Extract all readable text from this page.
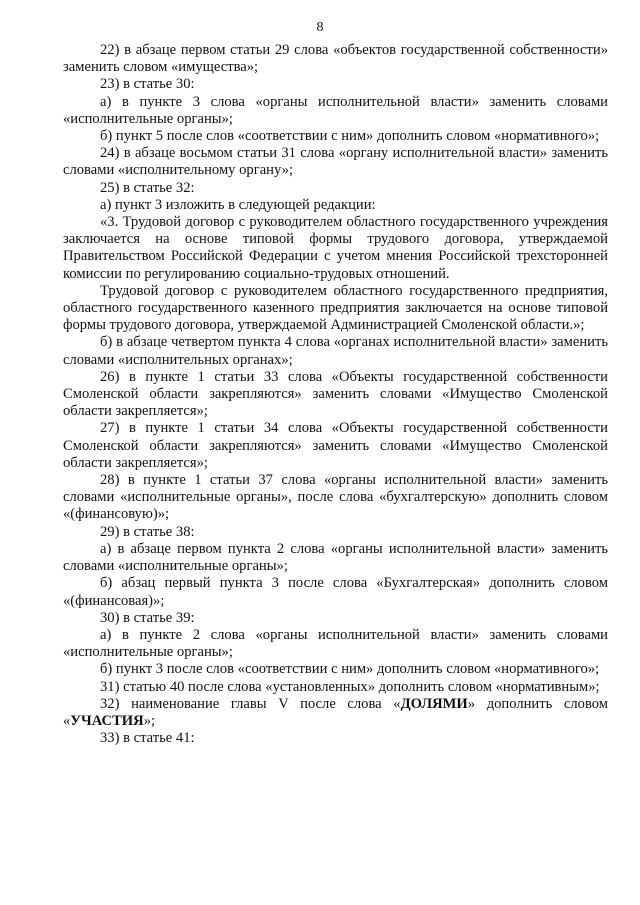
8

22) в абзаце первом статьи 29 слова «объектов государственной собственности» заменить словом «имущества»;

23) в статье 30:

а) в пункте 3 слова «органы исполнительной власти» заменить словами «исполнительные органы»;

б) пункт 5 после слов «соответствии с ним» дополнить словом «нормативного»;

24) в абзаце восьмом статьи 31 слова «органу исполнительной власти» заменить словами «исполнительному органу»;

25) в статье 32:

а) пункт 3 изложить в следующей редакции:

«3. Трудовой договор с руководителем областного государственного учреждения заключается на основе типовой формы трудового договора, утверждаемой Правительством Российской Федерации с учетом мнения Российской трехсторонней комиссии по регулированию социально-трудовых отношений.

Трудовой договор с руководителем областного государственного предприятия, областного государственного казенного предприятия заключается на основе типовой формы трудового договора, утверждаемой Администрацией Смоленской области.»;

б) в абзаце четвертом пункта 4 слова «органах исполнительной власти» заменить словами «исполнительных органах»;

26) в пункте 1 статьи 33 слова «Объекты государственной собственности Смоленской области закрепляются» заменить словами «Имущество Смоленской области закрепляется»;

27) в пункте 1 статьи 34 слова «Объекты государственной собственности Смоленской области закрепляются» заменить словами «Имущество Смоленской области закрепляется»;

28) в пункте 1 статьи 37 слова «органы исполнительной власти» заменить словами «исполнительные органы», после слова «бухгалтерскую» дополнить словом «(финансовую)»;

29) в статье 38:

а) в абзаце первом пункта 2 слова «органы исполнительной власти» заменить словами «исполнительные органы»;

б) абзац первый пункта 3 после слова «Бухгалтерская» дополнить словом «(финансовая)»;

30) в статье 39:

а) в пункте 2 слова «органы исполнительной власти» заменить словами «исполнительные органы»;

б) пункт 3 после слов «соответствии с ним» дополнить словом «нормативного»;

31) статью 40 после слова «установленных» дополнить словом «нормативным»;

32) наименование главы V после слова «ДОЛЯМИ» дополнить словом «УЧАСТИЯ»;

33) в статье 41:
